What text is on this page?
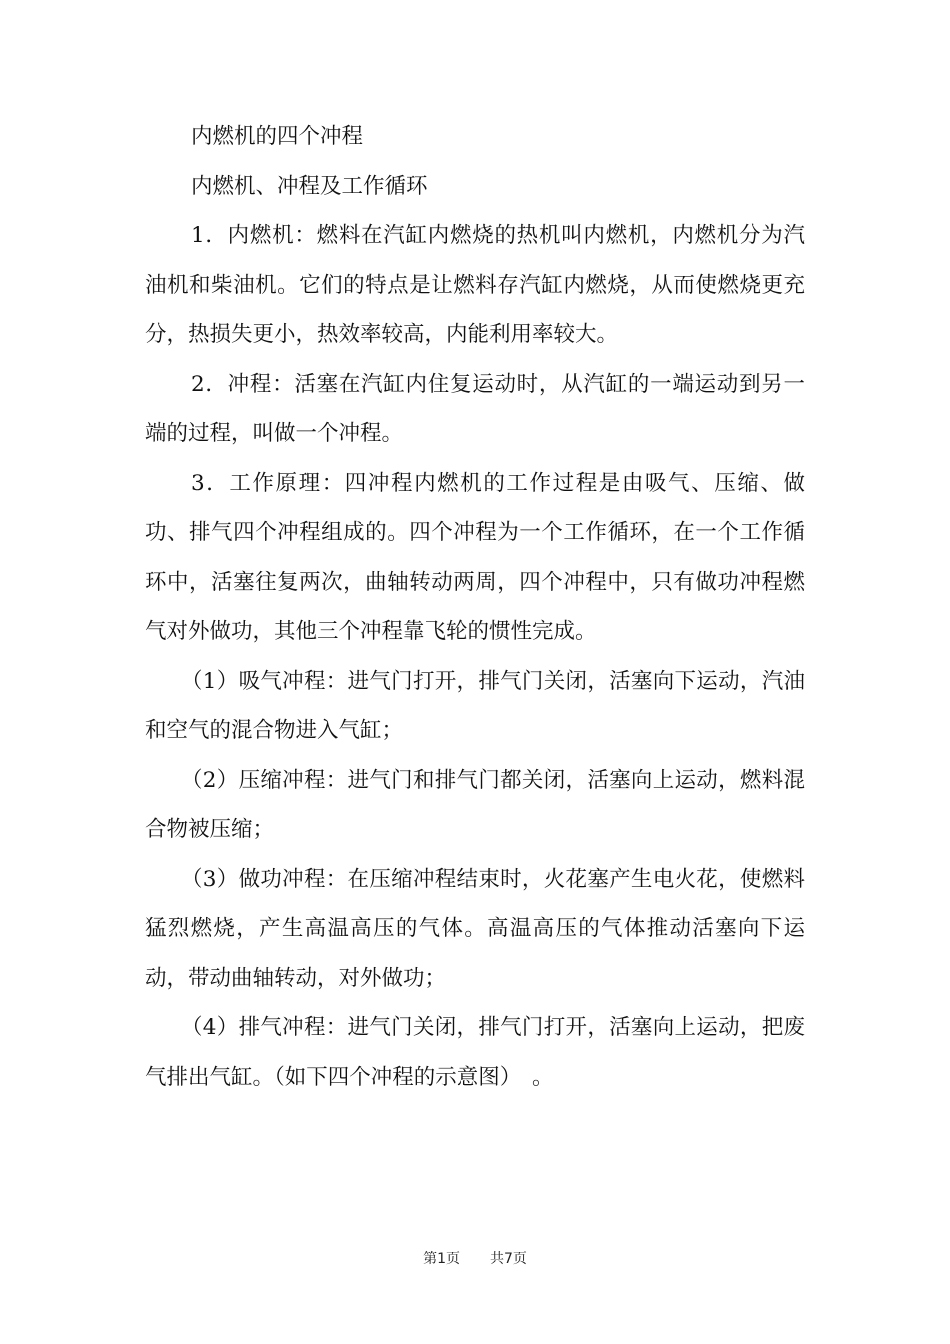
内燃机的四个冲程

内燃机、冲程及工作循环

1．内燃机：燃料在汽缸内燃烧的热机叫内燃机，内燃机分为汽油机和柴油机。它们的特点是让燃料存汽缸内燃烧，从而使燃烧更充分，热损失更小，热效率较高，内能利用率较大。

2．冲程：活塞在汽缸内住复运动时，从汽缸的一端运动到另一端的过程，叫做一个冲程。

3．工作原理：四冲程内燃机的工作过程是由吸气、压缩、做功、排气四个冲程组成的。四个冲程为一个工作循环，在一个工作循环中，活塞往复两次，曲轴转动两周，四个冲程中，只有做功冲程燃气对外做功，其他三个冲程靠飞轮的惯性完成。

（1）吸气冲程：进气门打开，排气门关闭，活塞向下运动，汽油和空气的混合物进入气缸；

（2）压缩冲程：进气门和排气门都关闭，活塞向上运动，燃料混合物被压缩；

（3）做功冲程：在压缩冲程结束时，火花塞产生电火花，使燃料猛烈燃烧，产生高温高压的气体。高温高压的气体推动活塞向下运动，带动曲轴转动，对外做功；

（4）排气冲程：进气门关闭，排气门打开，活塞向上运动，把废气排出气缸。（如下四个冲程的示意图）　。

第1页 共7页
